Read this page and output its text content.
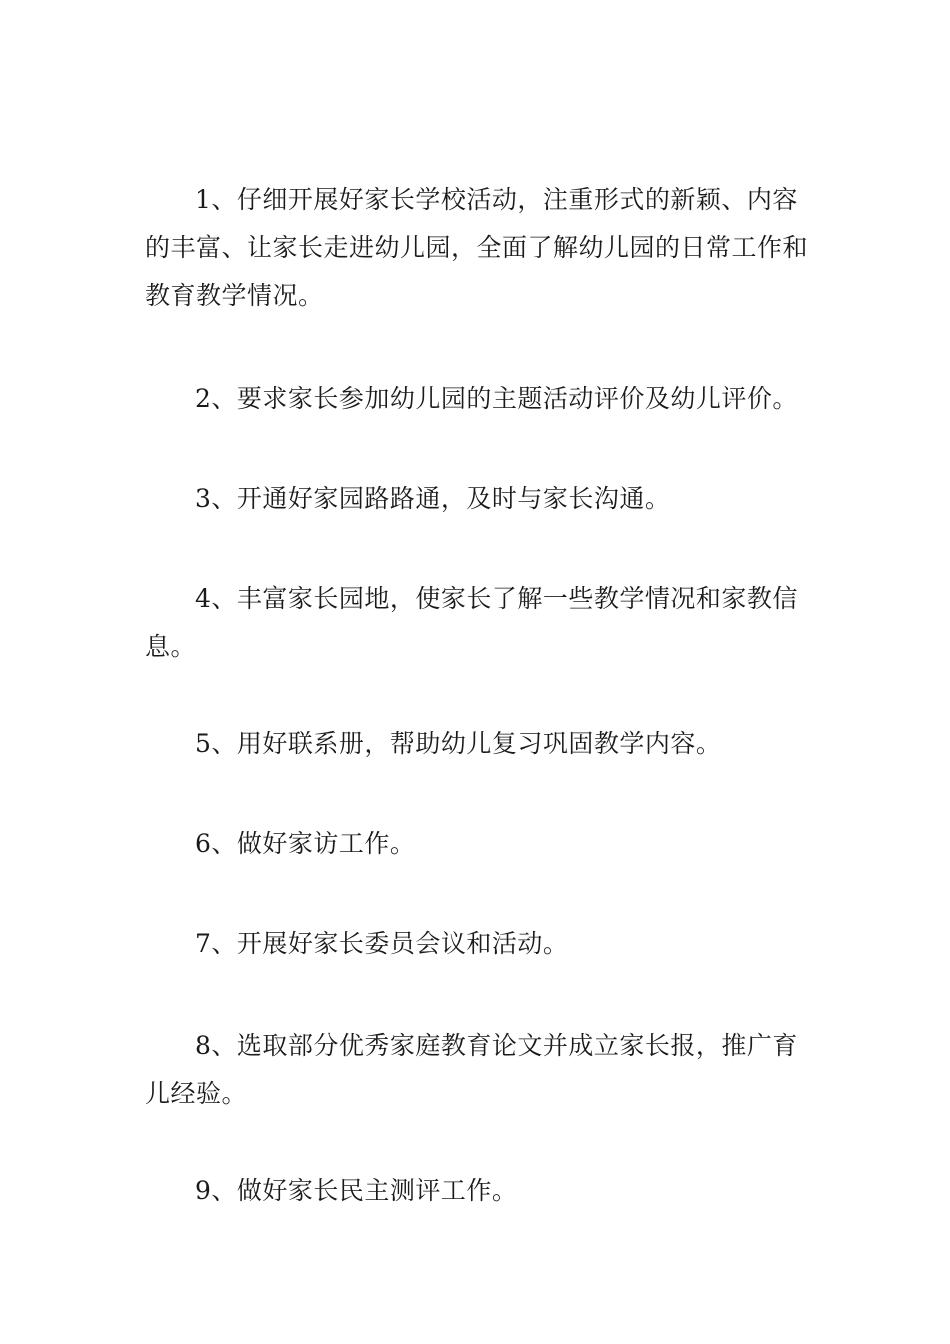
1、仔细开展好家长学校活动，注重形式的新颖、内容的丰富、让家长走进幼儿园，全面了解幼儿园的日常工作和教育教学情况。

2、要求家长参加幼儿园的主题活动评价及幼儿评价。

3、开通好家园路路通，及时与家长沟通。

4、丰富家长园地，使家长了解一些教学情况和家教信息。

5、用好联系册，帮助幼儿复习巩固教学内容。

6、做好家访工作。

7、开展好家长委员会议和活动。

8、选取部分优秀家庭教育论文并成立家长报，推广育儿经验。

9、做好家长民主测评工作。
